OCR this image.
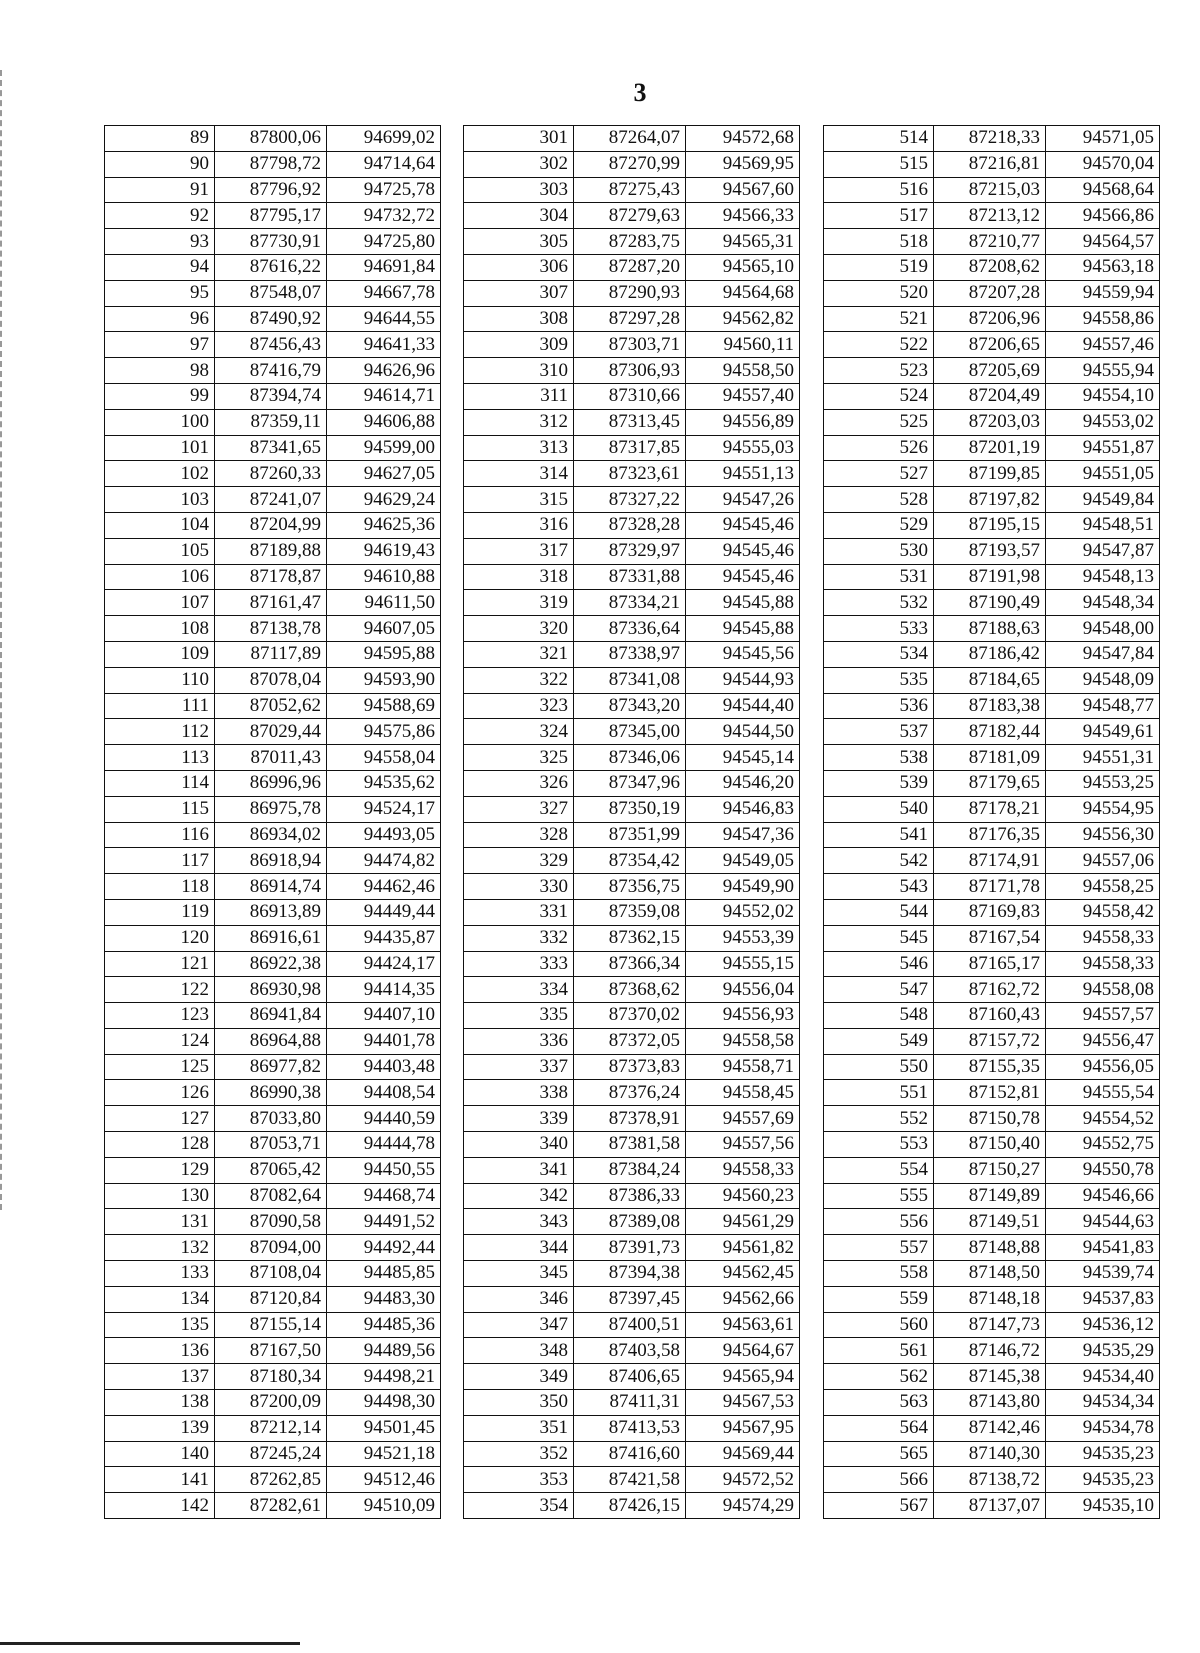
3
89	87800,06	94699,02
90	87798,72	94714,64
91	87796,92	94725,78
92	87795,17	94732,72
93	87730,91	94725,80
94	87616,22	94691,84
95	87548,07	94667,78
96	87490,92	94644,55
97	87456,43	94641,33
98	87416,79	94626,96
99	87394,74	94614,71
100	87359,11	94606,88
101	87341,65	94599,00
102	87260,33	94627,05
103	87241,07	94629,24
104	87204,99	94625,36
105	87189,88	94619,43
106	87178,87	94610,88
107	87161,47	94611,50
108	87138,78	94607,05
109	87117,89	94595,88
110	87078,04	94593,90
111	87052,62	94588,69
112	87029,44	94575,86
113	87011,43	94558,04
114	86996,96	94535,62
115	86975,78	94524,17
116	86934,02	94493,05
117	86918,94	94474,82
118	86914,74	94462,46
119	86913,89	94449,44
120	86916,61	94435,87
121	86922,38	94424,17
122	86930,98	94414,35
123	86941,84	94407,10
124	86964,88	94401,78
125	86977,82	94403,48
126	86990,38	94408,54
127	87033,80	94440,59
128	87053,71	94444,78
129	87065,42	94450,55
130	87082,64	94468,74
131	87090,58	94491,52
132	87094,00	94492,44
133	87108,04	94485,85
134	87120,84	94483,30
135	87155,14	94485,36
136	87167,50	94489,56
137	87180,34	94498,21
138	87200,09	94498,30
139	87212,14	94501,45
140	87245,24	94521,18
141	87262,85	94512,46
142	87282,61	94510,09
301	87264,07	94572,68
302	87270,99	94569,95
303	87275,43	94567,60
304	87279,63	94566,33
305	87283,75	94565,31
306	87287,20	94565,10
307	87290,93	94564,68
308	87297,28	94562,82
309	87303,71	94560,11
310	87306,93	94558,50
311	87310,66	94557,40
312	87313,45	94556,89
313	87317,85	94555,03
314	87323,61	94551,13
315	87327,22	94547,26
316	87328,28	94545,46
317	87329,97	94545,46
318	87331,88	94545,46
319	87334,21	94545,88
320	87336,64	94545,88
321	87338,97	94545,56
322	87341,08	94544,93
323	87343,20	94544,40
324	87345,00	94544,50
325	87346,06	94545,14
326	87347,96	94546,20
327	87350,19	94546,83
328	87351,99	94547,36
329	87354,42	94549,05
330	87356,75	94549,90
331	87359,08	94552,02
332	87362,15	94553,39
333	87366,34	94555,15
334	87368,62	94556,04
335	87370,02	94556,93
336	87372,05	94558,58
337	87373,83	94558,71
338	87376,24	94558,45
339	87378,91	94557,69
340	87381,58	94557,56
341	87384,24	94558,33
342	87386,33	94560,23
343	87389,08	94561,29
344	87391,73	94561,82
345	87394,38	94562,45
346	87397,45	94562,66
347	87400,51	94563,61
348	87403,58	94564,67
349	87406,65	94565,94
350	87411,31	94567,53
351	87413,53	94567,95
352	87416,60	94569,44
353	87421,58	94572,52
354	87426,15	94574,29
514	87218,33	94571,05
515	87216,81	94570,04
516	87215,03	94568,64
517	87213,12	94566,86
518	87210,77	94564,57
519	87208,62	94563,18
520	87207,28	94559,94
521	87206,96	94558,86
522	87206,65	94557,46
523	87205,69	94555,94
524	87204,49	94554,10
525	87203,03	94553,02
526	87201,19	94551,87
527	87199,85	94551,05
528	87197,82	94549,84
529	87195,15	94548,51
530	87193,57	94547,87
531	87191,98	94548,13
532	87190,49	94548,34
533	87188,63	94548,00
534	87186,42	94547,84
535	87184,65	94548,09
536	87183,38	94548,77
537	87182,44	94549,61
538	87181,09	94551,31
539	87179,65	94553,25
540	87178,21	94554,95
541	87176,35	94556,30
542	87174,91	94557,06
543	87171,78	94558,25
544	87169,83	94558,42
545	87167,54	94558,33
546	87165,17	94558,33
547	87162,72	94558,08
548	87160,43	94557,57
549	87157,72	94556,47
550	87155,35	94556,05
551	87152,81	94555,54
552	87150,78	94554,52
553	87150,40	94552,75
554	87150,27	94550,78
555	87149,89	94546,66
556	87149,51	94544,63
557	87148,88	94541,83
558	87148,50	94539,74
559	87148,18	94537,83
560	87147,73	94536,12
561	87146,72	94535,29
562	87145,38	94534,40
563	87143,80	94534,34
564	87142,46	94534,78
565	87140,30	94535,23
566	87138,72	94535,23
567	87137,07	94535,10
